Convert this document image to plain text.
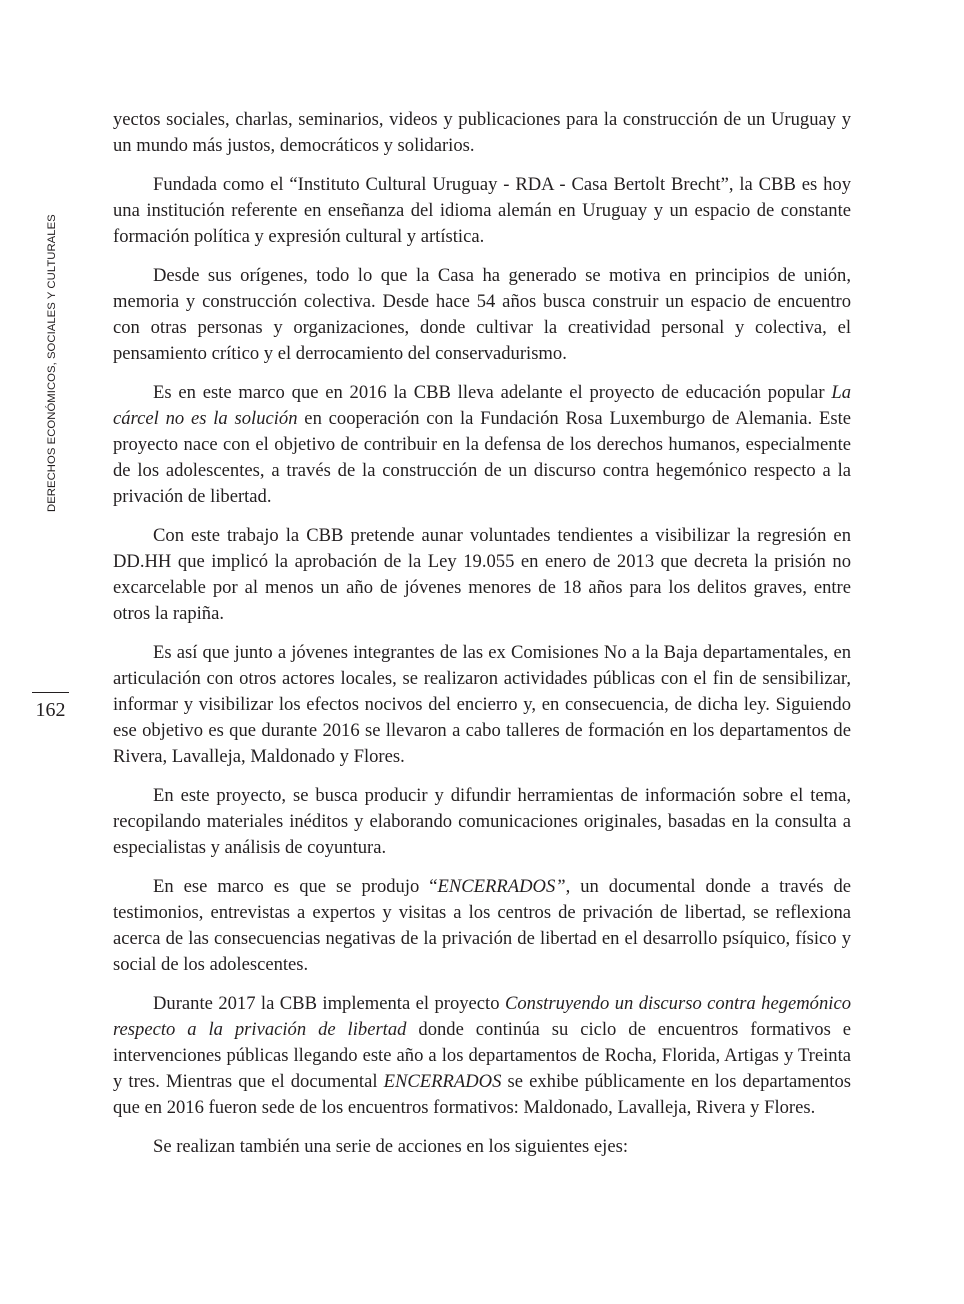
DERECHOS ECONÓMICOS, SOCIALES Y CULTURALES
162

yectos sociales, charlas, seminarios, videos y publicaciones para la construcción de un Uruguay y un mundo más justos, democráticos y solidarios.

Fundada como el “Instituto Cultural Uruguay - RDA - Casa Bertolt Brecht”, la CBB es hoy una institución referente en enseñanza del idioma alemán en Uruguay y un espacio de constante formación política y expresión cultural y artística.

Desde sus orígenes, todo lo que la Casa ha generado se motiva en principios de unión, memoria y construcción colectiva. Desde hace 54 años busca construir un espacio de encuentro con otras personas y organizaciones, donde cultivar la creatividad personal y colectiva, el pensamiento crítico y el derrocamiento del conservadurismo.

Es en este marco que en 2016 la CBB lleva adelante el proyecto de educación popular La cárcel no es la solución en cooperación con la Fundación Rosa Luxemburgo de Alemania. Este proyecto nace con el objetivo de contribuir en la defensa de los derechos humanos, especialmente de los adolescentes, a través de la construcción de un discurso contra hegemónico respecto a la privación de libertad.

Con este trabajo la CBB pretende aunar voluntades tendientes a visibilizar la regresión en DD.HH que implicó la aprobación de la Ley 19.055 en enero de 2013 que decreta la prisión no excarcelable por al menos un año de jóvenes menores de 18 años para los delitos graves, entre otros la rapiña.

Es así que junto a jóvenes integrantes de las ex Comisiones No a la Baja departamentales, en articulación con otros actores locales, se realizaron actividades públicas con el fin de sensibilizar, informar y visibilizar los efectos nocivos del encierro y, en consecuencia, de dicha ley. Siguiendo ese objetivo es que durante 2016 se llevaron a cabo talleres de formación en los departamentos de Rivera, Lavalleja, Maldonado y Flores.

En este proyecto, se busca producir y difundir herramientas de información sobre el tema, recopilando materiales inéditos y elaborando comunicaciones originales, basadas en la consulta a especialistas y análisis de coyuntura.

En ese marco es que se produjo “ENCERRADOS”, un documental donde a través de testimonios, entrevistas a expertos y visitas a los centros de privación de libertad, se reflexiona acerca de las consecuencias negativas de la privación de libertad en el desarrollo psíquico, físico y social de los adolescentes.

Durante 2017 la CBB implementa el proyecto Construyendo un discurso contra hegemónico respecto a la privación de libertad donde continúa su ciclo de encuentros formativos e intervenciones públicas llegando este año a los departamentos de Rocha, Florida, Artigas y Treinta y tres. Mientras que el documental ENCERRADOS se exhibe públicamente en los departamentos que en 2016 fueron sede de los encuentros formativos: Maldonado, Lavalleja, Rivera y Flores.

Se realizan también una serie de acciones en los siguientes ejes:
